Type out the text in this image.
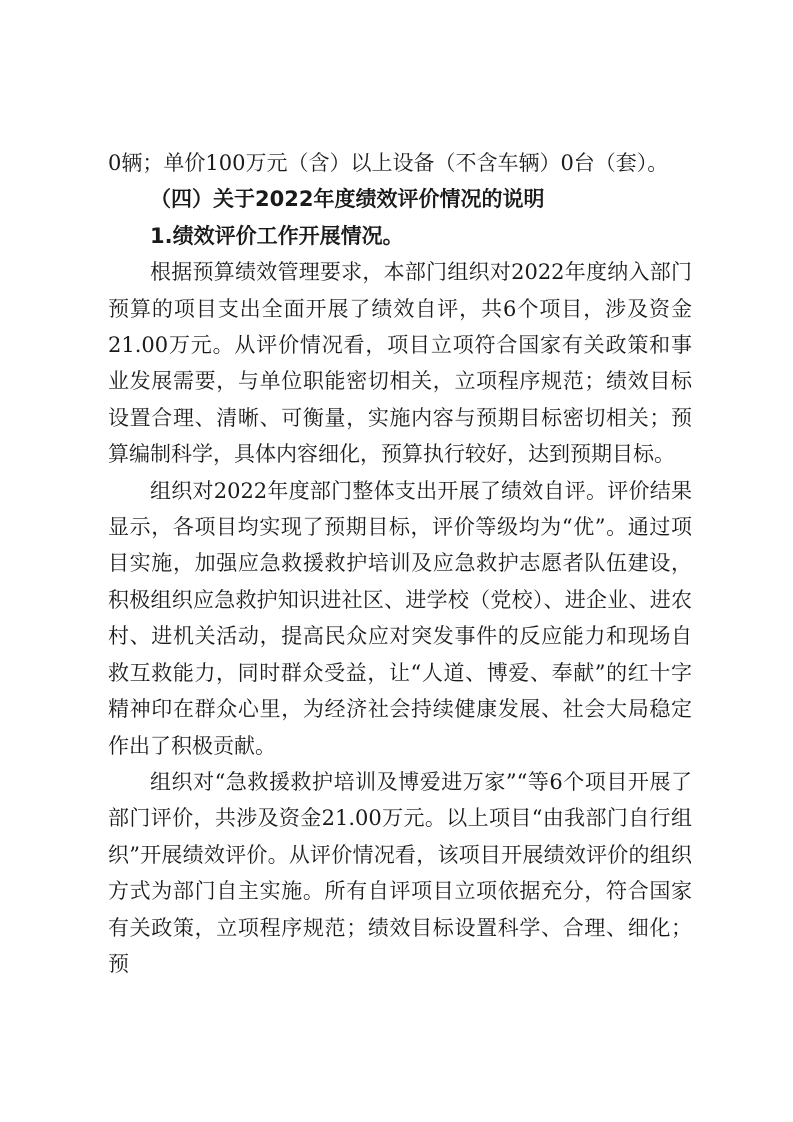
0辆；单价100万元（含）以上设备（不含车辆）0台（套）。

（四）关于2022年度绩效评价情况的说明

1.绩效评价工作开展情况。

根据预算绩效管理要求，本部门组织对2022年度纳入部门预算的项目支出全面开展了绩效自评，共6个项目，涉及资金21.00万元。从评价情况看，项目立项符合国家有关政策和事业发展需要，与单位职能密切相关，立项程序规范；绩效目标设置合理、清晰、可衡量，实施内容与预期目标密切相关；预算编制科学，具体内容细化，预算执行较好，达到预期目标。

组织对2022年度部门整体支出开展了绩效自评。评价结果显示，各项目均实现了预期目标，评价等级均为“优”。通过项目实施，加强应急救援救护培训及应急救护志愿者队伍建设，积极组织应急救护知识进社区、进学校（党校）、进企业、进农村、进机关活动，提高民众应对突发事件的反应能力和现场自救互救能力，同时群众受益，让“人道、博爱、奉献”的红十字精神印在群众心里，为经济社会持续健康发展、社会大局稳定作出了积极贡献。

组织对“急救援救护培训及博爱进万家”“等6个项目开展了部门评价，共涉及资金21.00万元。以上项目“由我部门自行组织”开展绩效评价。从评价情况看，该项目开展绩效评价的组织方式为部门自主实施。所有自评项目立项依据充分，符合国家有关政策，立项程序规范；绩效目标设置科学、合理、细化；预
